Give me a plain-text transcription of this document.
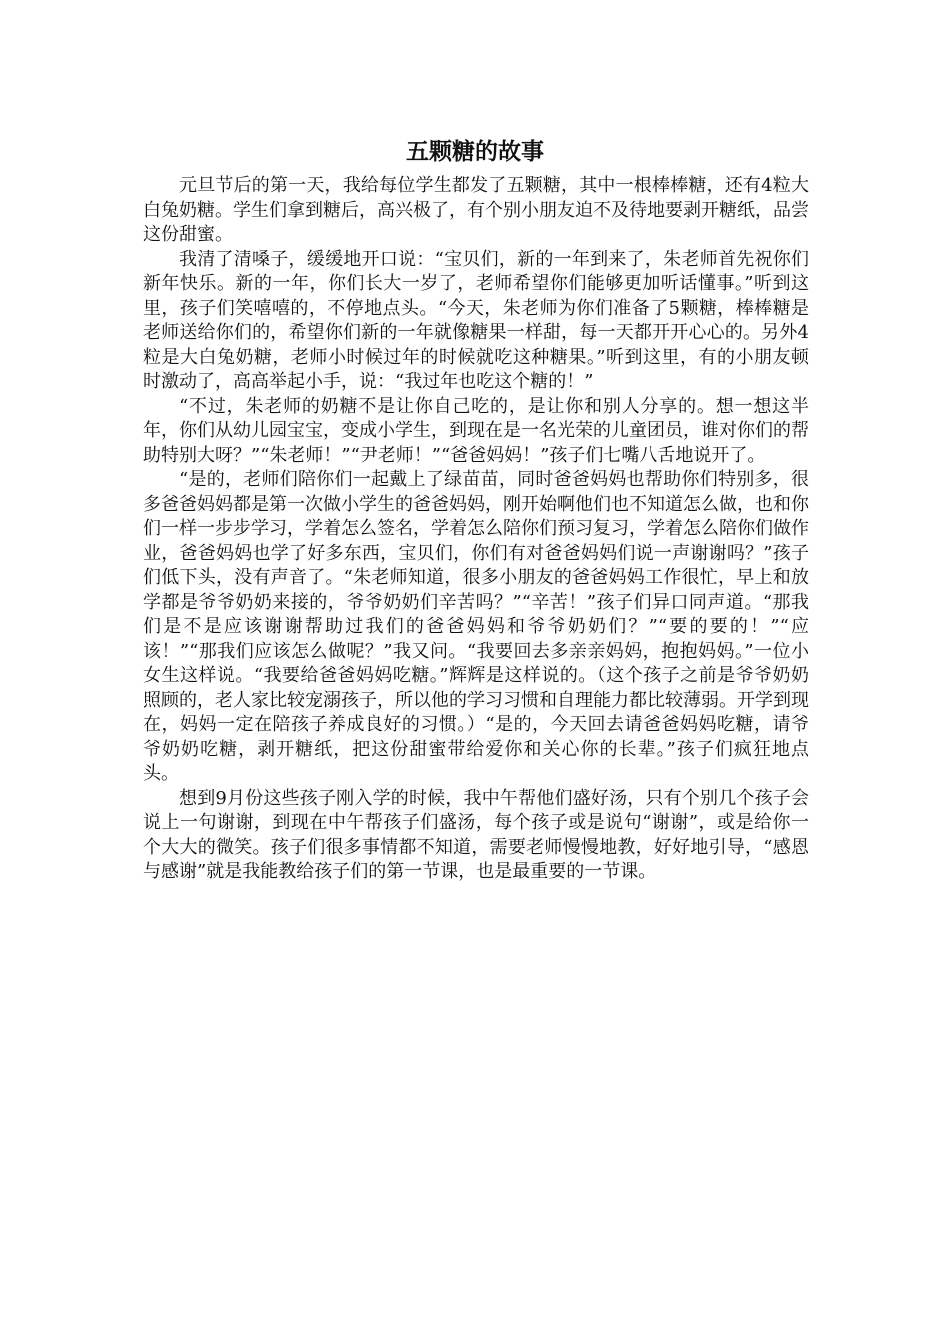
五颗糖的故事

元旦节后的第一天，我给每位学生都发了五颗糖，其中一根棒棒糖，还有4粒大白兔奶糖。学生们拿到糖后，高兴极了，有个别小朋友迫不及待地要剥开糖纸，品尝这份甜蜜。

我清了清嗓子，缓缓地开口说：“宝贝们，新的一年到来了，朱老师首先祝你们新年快乐。新的一年，你们长大一岁了，老师希望你们能够更加听话懂事。”听到这里，孩子们笑嘻嘻的，不停地点头。“今天，朱老师为你们准备了5颗糖，棒棒糖是老师送给你们的，希望你们新的一年就像糖果一样甜，每一天都开开心心的。另外4粒是大白兔奶糖，老师小时候过年的时候就吃这种糖果。”听到这里，有的小朋友顿时激动了，高高举起小手，说：“我过年也吃这个糖的！”

“不过，朱老师的奶糖不是让你自己吃的，是让你和别人分享的。想一想这半年，你们从幼儿园宝宝，变成小学生，到现在是一名光荣的儿童团员，谁对你们的帮助特别大呀？”“朱老师！”“尹老师！”“爸爸妈妈！”孩子们七嘴八舌地说开了。

“是的，老师们陪你们一起戴上了绿苗苗，同时爸爸妈妈也帮助你们特别多，很多爸爸妈妈都是第一次做小学生的爸爸妈妈，刚开始啊他们也不知道怎么做，也和你们一样一步步学习，学着怎么签名，学着怎么陪你们预习复习，学着怎么陪你们做作业，爸爸妈妈也学了好多东西，宝贝们，你们有对爸爸妈妈们说一声谢谢吗？”孩子们低下头，没有声音了。“朱老师知道，很多小朋友的爸爸妈妈工作很忙，早上和放学都是爷爷奶奶来接的，爷爷奶奶们辛苦吗？”“辛苦！”孩子们异口同声道。“那我们是不是应该谢谢帮助过我们的爸爸妈妈和爷爷奶奶们？”“要的要的！”“应该！”“那我们应该怎么做呢？”我又问。“我要回去多亲亲妈妈，抱抱妈妈。”一位小女生这样说。“我要给爸爸妈妈吃糖。”辉辉是这样说的。（这个孩子之前是爷爷奶奶照顾的，老人家比较宠溺孩子，所以他的学习习惯和自理能力都比较薄弱。开学到现在，妈妈一定在陪孩子养成良好的习惯。）“是的，今天回去请爸爸妈妈吃糖，请爷爷奶奶吃糖，剥开糖纸，把这份甜蜜带给爱你和关心你的长辈。”孩子们疯狂地点头。

想到9月份这些孩子刚入学的时候，我中午帮他们盛好汤，只有个别几个孩子会说上一句谢谢，到现在中午帮孩子们盛汤，每个孩子或是说句“谢谢”，或是给你一个大大的微笑。孩子们很多事情都不知道，需要老师慢慢地教，好好地引导，“感恩与感谢”就是我能教给孩子们的第一节课，也是最重要的一节课。
